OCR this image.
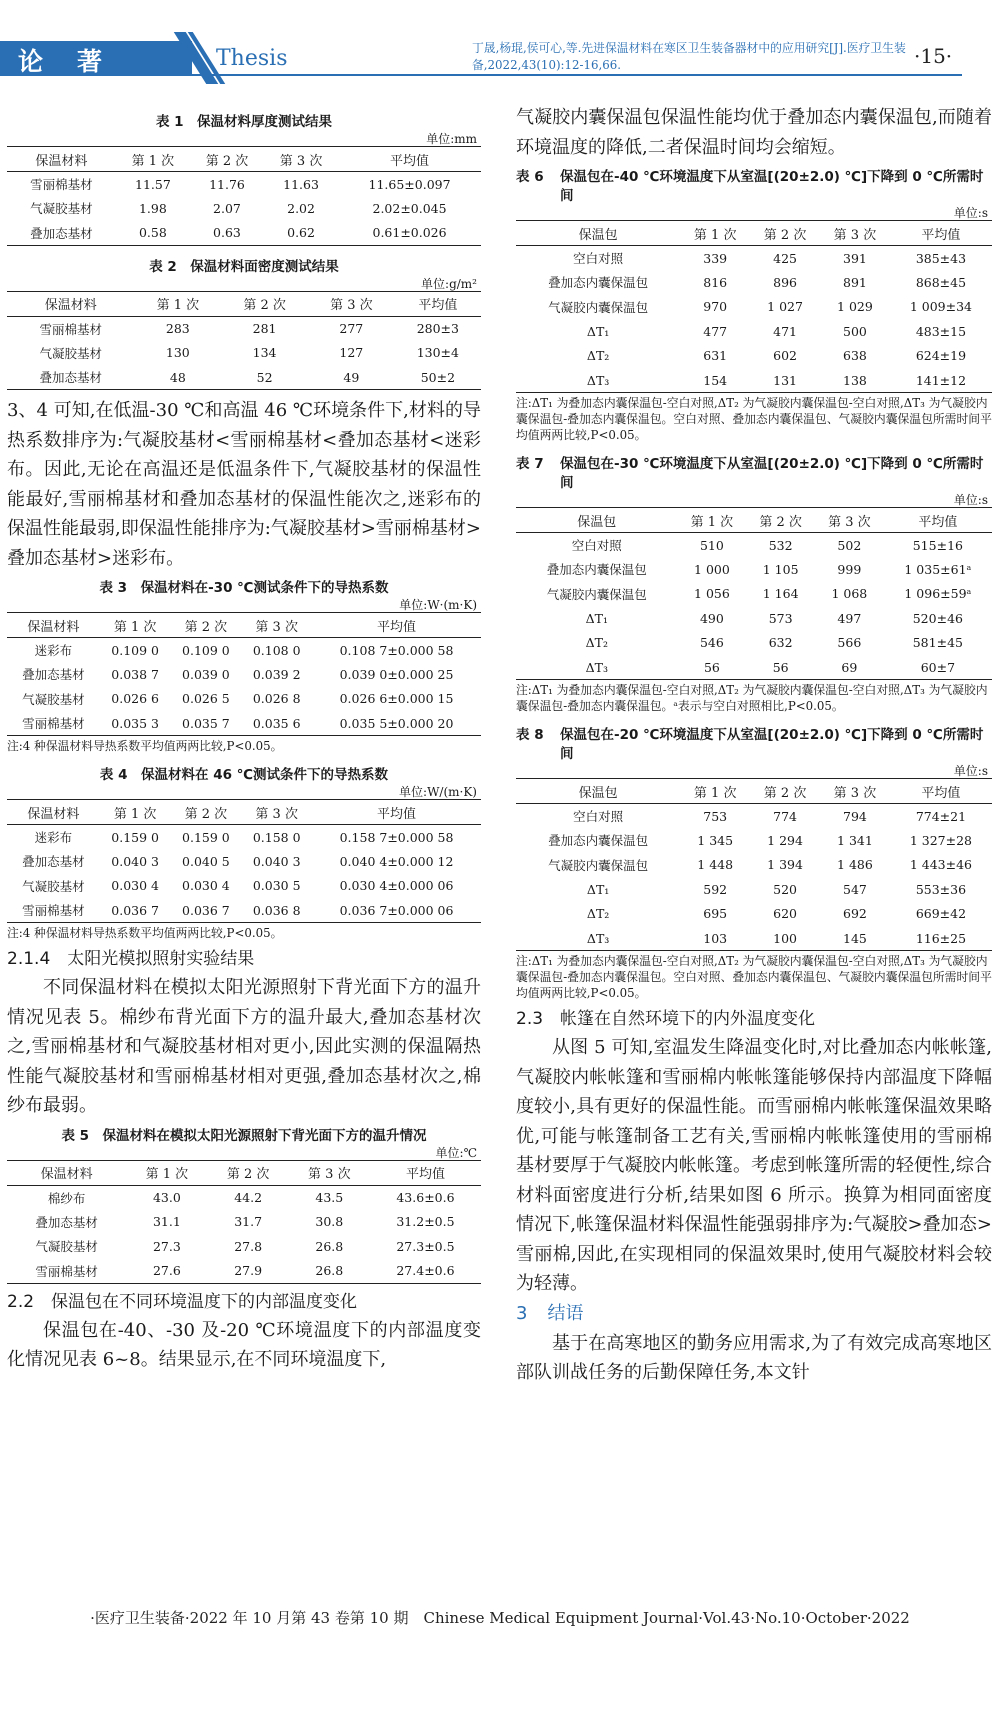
论著	Thesis	丁晟,杨琨,侯可心,等.先进保温材料在寒区卫生装备器材中的应用研究[J].医疗卫生装备,2022,43(10):12-16,66.	·15·
表 1　保温材料厚度测试结果
单位:mm
保温材料	第 1 次	第 2 次	第 3 次	平均值
雪丽棉基材	11.57	11.76	11.63	11.65±0.097
气凝胶基材	1.98	2.07	2.02	2.02±0.045
叠加态基材	0.58	0.63	0.62	0.61±0.026
表 2　保温材料面密度测试结果
单位:g/m²
保温材料	第 1 次	第 2 次	第 3 次	平均值
雪丽棉基材	283	281	277	280±3
气凝胶基材	130	134	127	130±4
叠加态基材	48	52	49	50±2

3、4 可知,在低温-30 ℃和高温 46 ℃环境条件下,材料的导热系数排序为:气凝胶基材<雪丽棉基材<叠加态基材<迷彩布。因此,无论在高温还是低温条件下,气凝胶基材的保温性能最好,雪丽棉基材和叠加态基材的保温性能次之,迷彩布的保温性能最弱,即保温性能排序为:气凝胶基材>雪丽棉基材>叠加态基材>迷彩布。

表 3　保温材料在-30 ℃测试条件下的导热系数
单位:W·(m·K)
保温材料	第 1 次	第 2 次	第 3 次	平均值
迷彩布	0.109 0	0.109 0	0.108 0	0.108 7±0.000 58
叠加态基材	0.038 7	0.039 0	0.039 2	0.039 0±0.000 25
气凝胶基材	0.026 6	0.026 5	0.026 8	0.026 6±0.000 15
雪丽棉基材	0.035 3	0.035 7	0.035 6	0.035 5±0.000 20
注:4 种保温材料导热系数平均值两两比较,P<0.05。
表 4　保温材料在 46 ℃测试条件下的导热系数
单位:W/(m·K)
保温材料	第 1 次	第 2 次	第 3 次	平均值
迷彩布	0.159 0	0.159 0	0.158 0	0.158 7±0.000 58
叠加态基材	0.040 3	0.040 5	0.040 3	0.040 4±0.000 12
气凝胶基材	0.030 4	0.030 4	0.030 5	0.030 4±0.000 06
雪丽棉基材	0.036 7	0.036 7	0.036 8	0.036 7±0.000 06
注:4 种保温材料导热系数平均值两两比较,P<0.05。
2.1.4　太阳光模拟照射实验结果

不同保温材料在模拟太阳光源照射下背光面下方的温升情况见表 5。棉纱布背光面下方的温升最大,叠加态基材次之,雪丽棉基材和气凝胶基材相对更小,因此实测的保温隔热性能气凝胶基材和雪丽棉基材相对更强,叠加态基材次之,棉纱布最弱。

表 5　保温材料在模拟太阳光源照射下背光面下方的温升情况
单位:℃
保温材料	第 1 次	第 2 次	第 3 次	平均值
棉纱布	43.0	44.2	43.5	43.6±0.6
叠加态基材	31.1	31.7	30.8	31.2±0.5
气凝胶基材	27.3	27.8	26.8	27.3±0.5
雪丽棉基材	27.6	27.9	26.8	27.4±0.6
2.2　保温包在不同环境温度下的内部温度变化

保温包在-40、-30 及-20 ℃环境温度下的内部温度变化情况见表 6~8。结果显示,在不同环境温度下,

气凝胶内囊保温包保温性能均优于叠加态内囊保温包,而随着环境温度的降低,二者保温时间均会缩短。

表 6	保温包在-40 ℃环境温度下从室温[(20±2.0) ℃]下降到 0 ℃所需时间
单位:s
保温包	第 1 次	第 2 次	第 3 次	平均值
空白对照	339	425	391	385±43
叠加态内囊保温包	816	896	891	868±45
气凝胶内囊保温包	970	1 027	1 029	1 009±34
ΔT₁	477	471	500	483±15
ΔT₂	631	602	638	624±19
ΔT₃	154	131	138	141±12
注:ΔT₁ 为叠加态内囊保温包-空白对照,ΔT₂ 为气凝胶内囊保温包-空白对照,ΔT₃ 为气凝胶内囊保温包-叠加态内囊保温包。空白对照、叠加态内囊保温包、气凝胶内囊保温包所需时间平均值两两比较,P<0.05。
表 7	保温包在-30 ℃环境温度下从室温[(20±2.0) ℃]下降到 0 ℃所需时间
单位:s
保温包	第 1 次	第 2 次	第 3 次	平均值
空白对照	510	532	502	515±16
叠加态内囊保温包	1 000	1 105	999	1 035±61ᵃ
气凝胶内囊保温包	1 056	1 164	1 068	1 096±59ᵃ
ΔT₁	490	573	497	520±46
ΔT₂	546	632	566	581±45
ΔT₃	56	56	69	60±7
注:ΔT₁ 为叠加态内囊保温包-空白对照,ΔT₂ 为气凝胶内囊保温包-空白对照,ΔT₃ 为气凝胶内囊保温包-叠加态内囊保温包。ᵃ表示与空白对照相比,P<0.05。
表 8	保温包在-20 ℃环境温度下从室温[(20±2.0) ℃]下降到 0 ℃所需时间
单位:s
保温包	第 1 次	第 2 次	第 3 次	平均值
空白对照	753	774	794	774±21
叠加态内囊保温包	1 345	1 294	1 341	1 327±28
气凝胶内囊保温包	1 448	1 394	1 486	1 443±46
ΔT₁	592	520	547	553±36
ΔT₂	695	620	692	669±42
ΔT₃	103	100	145	116±25
注:ΔT₁ 为叠加态内囊保温包-空白对照,ΔT₂ 为气凝胶内囊保温包-空白对照,ΔT₃ 为气凝胶内囊保温包-叠加态内囊保温包。空白对照、叠加态内囊保温包、气凝胶内囊保温包所需时间平均值两两比较,P<0.05。
2.3　帐篷在自然环境下的内外温度变化

从图 5 可知,室温发生降温变化时,对比叠加态内帐帐篷,气凝胶内帐帐篷和雪丽棉内帐帐篷能够保持内部温度下降幅度较小,具有更好的保温性能。而雪丽棉内帐帐篷保温效果略优,可能与帐篷制备工艺有关,雪丽棉内帐帐篷使用的雪丽棉基材要厚于气凝胶内帐帐篷。考虑到帐篷所需的轻便性,综合材料面密度进行分析,结果如图 6 所示。换算为相同面密度情况下,帐篷保温材料保温性能强弱排序为:气凝胶>叠加态>雪丽棉,因此,在实现相同的保温效果时,使用气凝胶材料会较为轻薄。

3 结语

基于在高寒地区的勤务应用需求,为了有效完成高寒地区部队训战任务的后勤保障任务,本文针

·医疗卫生装备·2022 年 10 月第 43 卷第 10 期　Chinese Medical Equipment Journal·Vol.43·No.10·October·2022
